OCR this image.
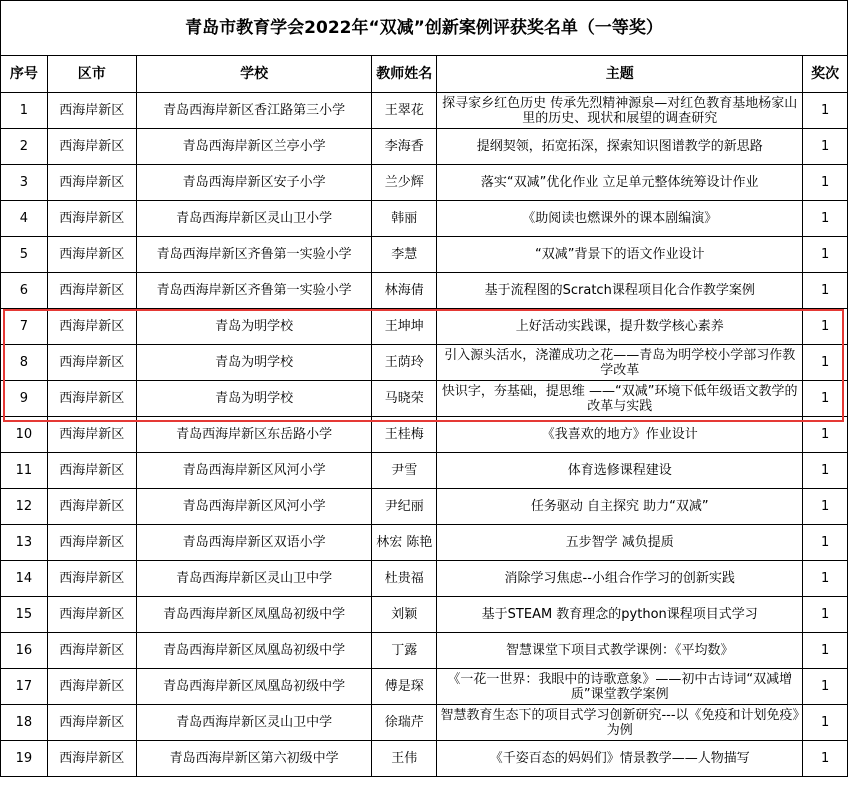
青岛市教育学会2022年“双减”创新案例评获奖名单（一等奖）					
序号	区市	学校	教师姓名	主题	奖次
1	西海岸新区	青岛西海岸新区香江路第三小学	王翠花	探寻家乡红色历史 传承先烈精神源泉—对红色教育基地杨家山里的历史、现状和展望的调查研究	1
2	西海岸新区	青岛西海岸新区兰亭小学	李海香	提纲契领，拓宽拓深，探索知识图谱教学的新思路	1
3	西海岸新区	青岛西海岸新区安子小学	兰少辉	落实“双减”优化作业 立足单元整体统筹设计作业	1
4	西海岸新区	青岛西海岸新区灵山卫小学	韩丽	《助阅读也燃课外的课本剧编演》	1
5	西海岸新区	青岛西海岸新区齐鲁第一实验小学	李慧	“双减”背景下的语文作业设计	1
6	西海岸新区	青岛西海岸新区齐鲁第一实验小学	林海倩	基于流程图的Scratch课程项目化合作教学案例	1
7	西海岸新区	青岛为明学校	王坤坤	上好活动实践课，提升数学核心素养	1
8	西海岸新区	青岛为明学校	王荫玲	引入源头活水，浇灌成功之花——青岛为明学校小学部习作教学改革	1
9	西海岸新区	青岛为明学校	马晓荣	快识字，夯基础，提思维 ——“双减”环境下低年级语文教学的改革与实践	1
10	西海岸新区	青岛西海岸新区东岳路小学	王桂梅	《我喜欢的地方》作业设计	1
11	西海岸新区	青岛西海岸新区风河小学	尹雪	体育选修课程建设	1
12	西海岸新区	青岛西海岸新区风河小学	尹纪丽	任务驱动 自主探究 助力“双减”	1
13	西海岸新区	青岛西海岸新区双语小学	林宏 陈艳	五步智学 减负提质	1
14	西海岸新区	青岛西海岸新区灵山卫中学	杜贵福	消除学习焦虑--小组合作学习的创新实践	1
15	西海岸新区	青岛西海岸新区凤凰岛初级中学	刘颖	基于STEAM 教育理念的python课程项目式学习	1
16	西海岸新区	青岛西海岸新区凤凰岛初级中学	丁露	智慧课堂下项目式教学课例：《平均数》	1
17	西海岸新区	青岛西海岸新区凤凰岛初级中学	傅是琛	《一花一世界：我眼中的诗歌意象》——初中古诗词“双减增质”课堂教学案例	1
18	西海岸新区	青岛西海岸新区灵山卫中学	徐瑞芹	智慧教育生态下的项目式学习创新研究---以《免疫和计划免疫》为例	1
19	西海岸新区	青岛西海岸新区第六初级中学	王伟	《千姿百态的妈妈们》情景教学——人物描写	1
